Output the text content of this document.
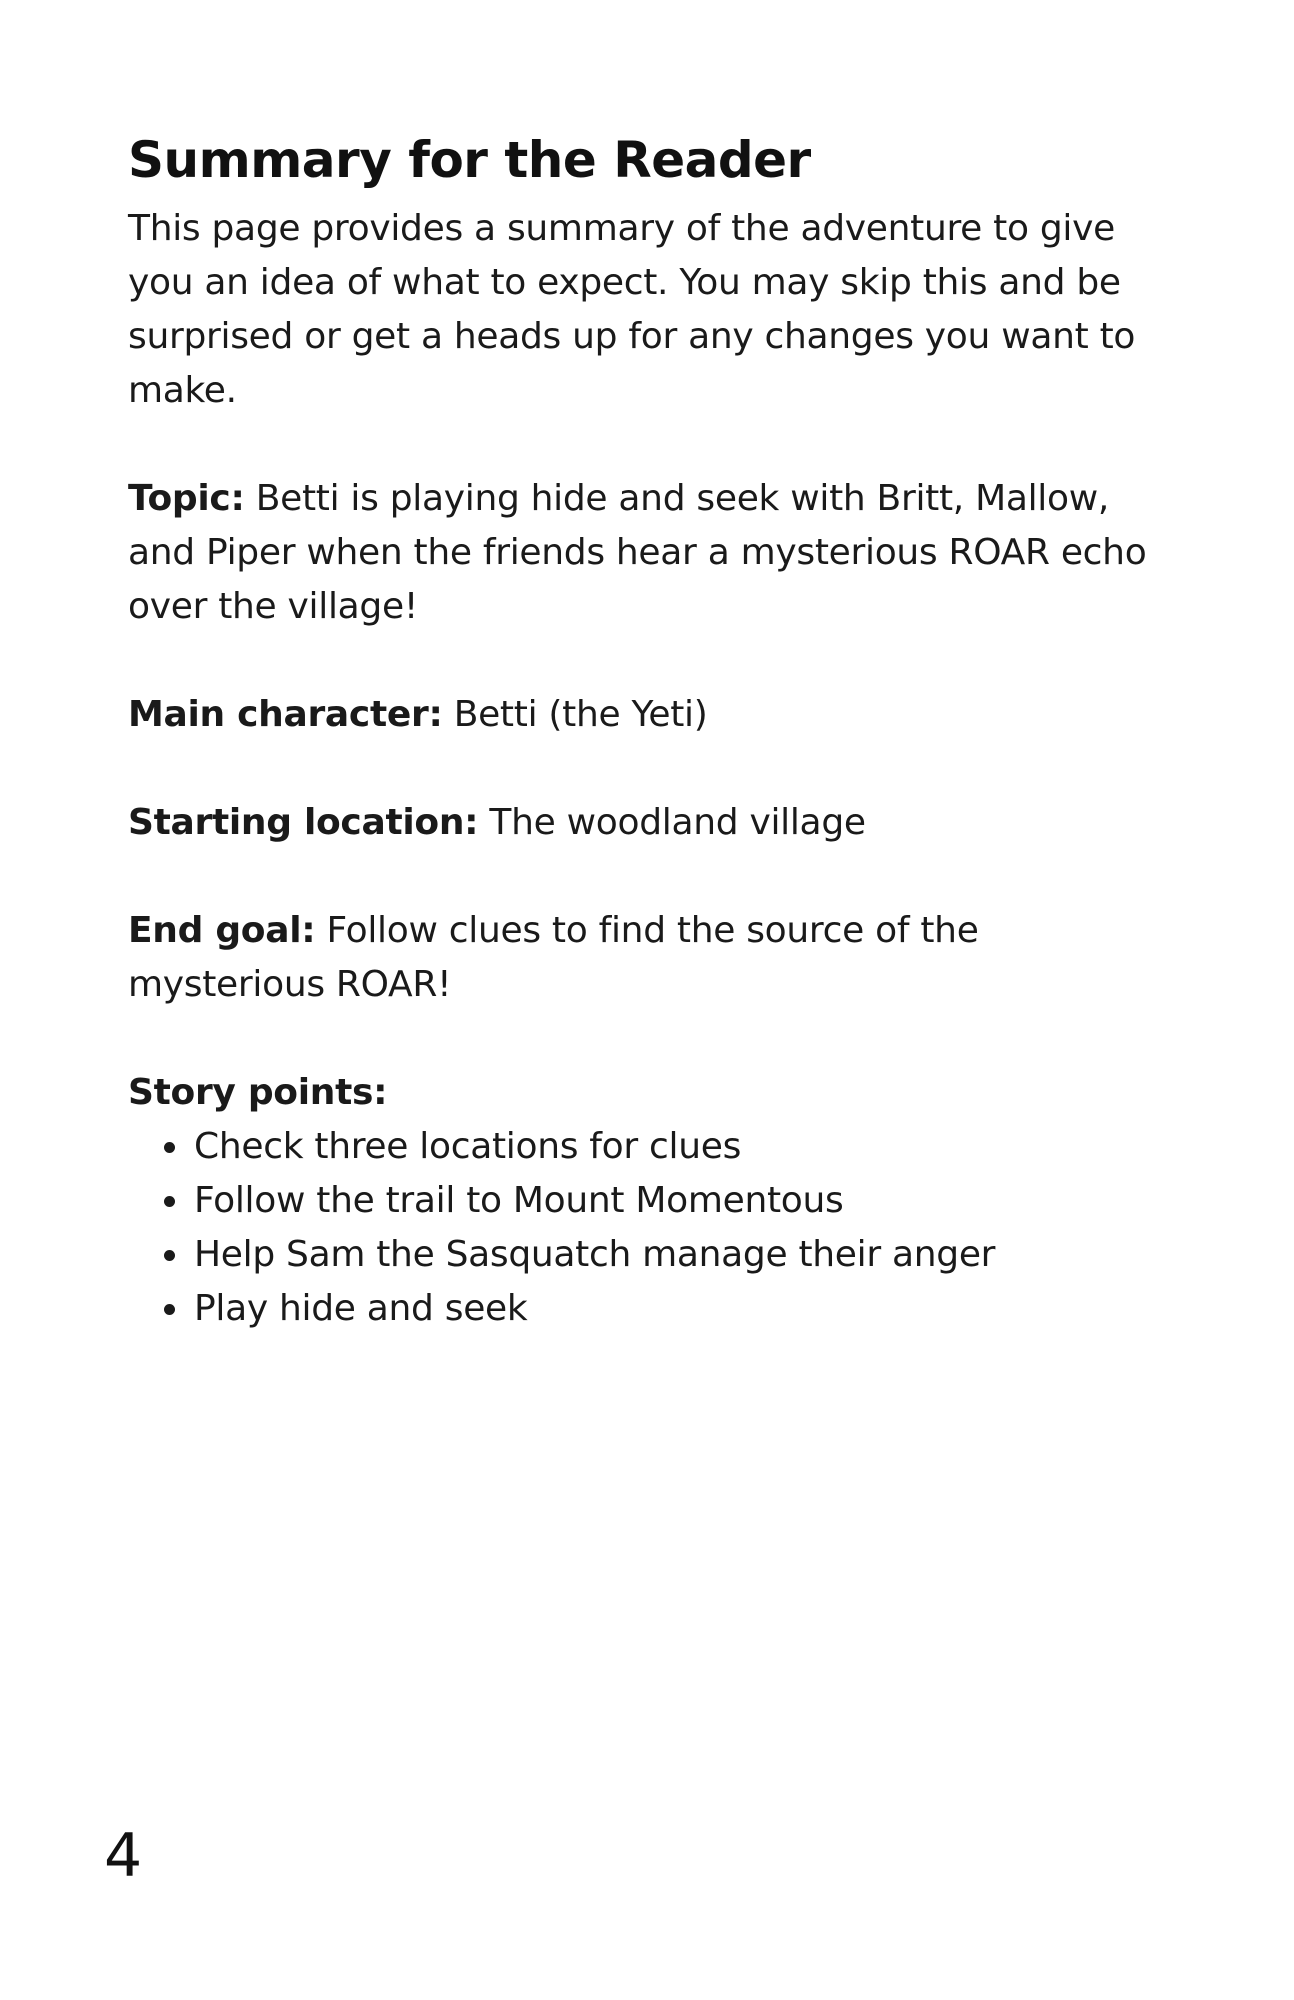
Summary for the Reader

This page provides a summary of the adventure to give you an idea of what to expect. You may skip this and be surprised or get a heads up for any changes you want to make.

Topic: Betti is playing hide and seek with Britt, Mallow, and Piper when the friends hear a mysterious ROAR echo over the village!

Main character: Betti (the Yeti)

Starting location: The woodland village

End goal: Follow clues to find the source of the mysterious ROAR!

Story points:

Check three locations for clues
Follow the trail to Mount Momentous
Help Sam the Sasquatch manage their anger
Play hide and seek
4
